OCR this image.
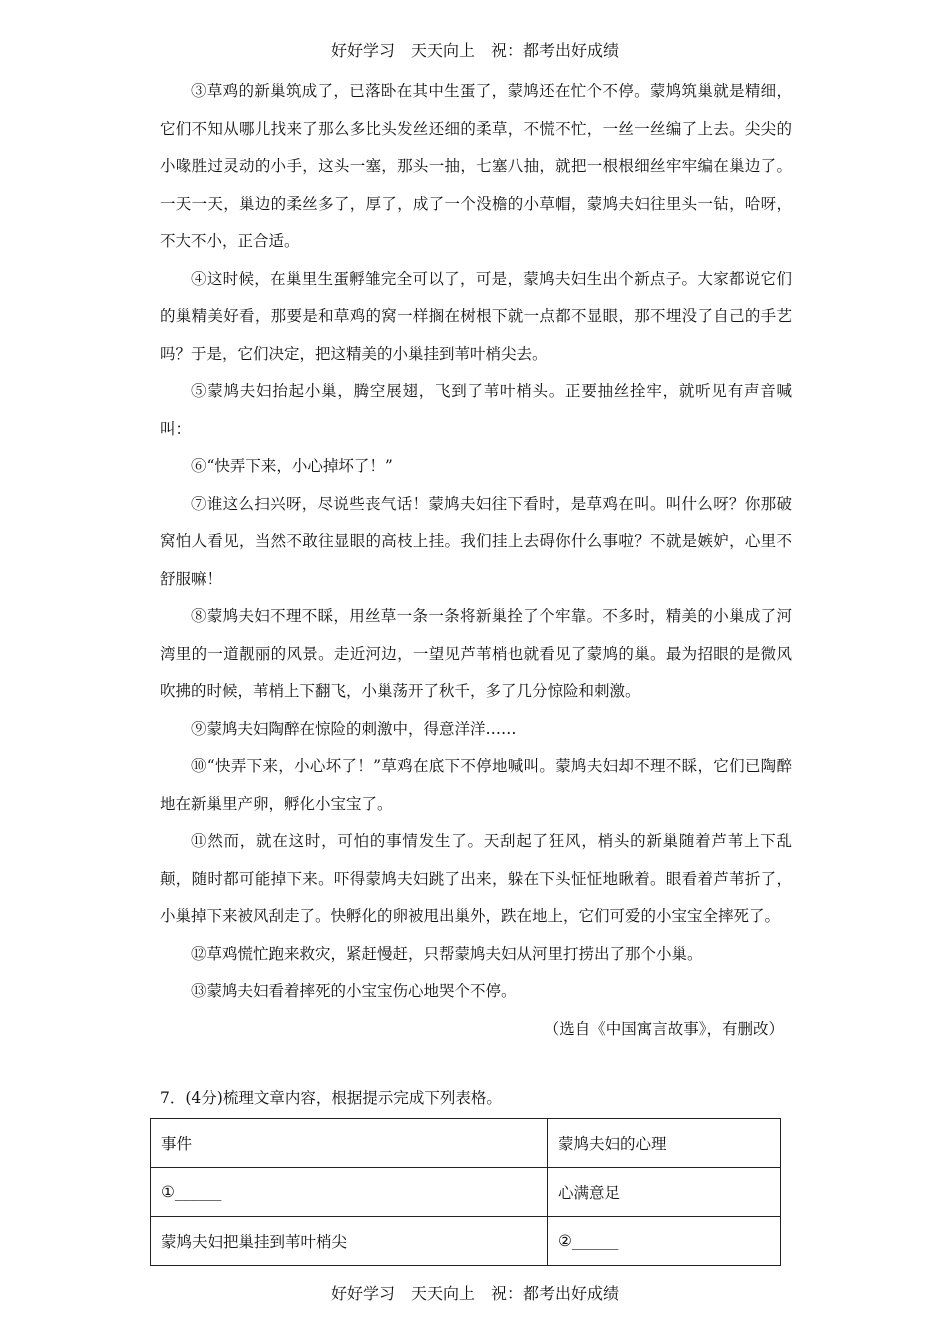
好好学习　天天向上　祝：都考出好成绩

③草鸡的新巢筑成了，已落卧在其中生蛋了，蒙鸠还在忙个不停。蒙鸠筑巢就是精细，它们不知从哪儿找来了那么多比头发丝还细的柔草，不慌不忙，一丝一丝编了上去。尖尖的小喙胜过灵动的小手，这头一塞，那头一抽，七塞八抽，就把一根根细丝牢牢编在巢边了。一天一天，巢边的柔丝多了，厚了，成了一个没檐的小草帽，蒙鸠夫妇往里头一钻，哈呀，不大不小，正合适。

④这时候，在巢里生蛋孵雏完全可以了，可是，蒙鸠夫妇生出个新点子。大家都说它们的巢精美好看，那要是和草鸡的窝一样搁在树根下就一点都不显眼，那不埋没了自己的手艺吗？于是，它们决定，把这精美的小巢挂到苇叶梢尖去。

⑤蒙鸠夫妇抬起小巢，腾空展翅，飞到了苇叶梢头。正要抽丝拴牢，就听见有声音喊叫：

⑥“快弄下来，小心掉坏了！”

⑦谁这么扫兴呀，尽说些丧气话！蒙鸠夫妇往下看时，是草鸡在叫。叫什么呀？你那破窝怕人看见，当然不敢往显眼的高枝上挂。我们挂上去碍你什么事啦？不就是嫉妒，心里不舒服嘛！

⑧蒙鸠夫妇不理不睬，用丝草一条一条将新巢拴了个牢靠。不多时，精美的小巢成了河湾里的一道靓丽的风景。走近河边，一望见芦苇梢也就看见了蒙鸠的巢。最为招眼的是微风吹拂的时候，苇梢上下翻飞，小巢荡开了秋千，多了几分惊险和刺激。

⑨蒙鸠夫妇陶醉在惊险的刺激中，得意洋洋……

⑩“快弄下来，小心坏了！”草鸡在底下不停地喊叫。蒙鸠夫妇却不理不睬，它们已陶醉地在新巢里产卵，孵化小宝宝了。

⑪然而，就在这时，可怕的事情发生了。天刮起了狂风，梢头的新巢随着芦苇上下乱颠，随时都可能掉下来。吓得蒙鸠夫妇跳了出来，躲在下头怔怔地瞅着。眼看着芦苇折了，小巢掉下来被风刮走了。快孵化的卵被甩出巢外，跌在地上，它们可爱的小宝宝全摔死了。

⑫草鸡慌忙跑来救灾，紧赶慢赶，只帮蒙鸠夫妇从河里打捞出了那个小巢。

⑬蒙鸠夫妇看着摔死的小宝宝伤心地哭个不停。

（选自《中国寓言故事》，有删改）

7．(4分)梳理文章内容，根据提示完成下列表格。
事件	蒙鸠夫妇的心理
①______	心满意足
蒙鸠夫妇把巢挂到苇叶梢尖	②______
好好学习　天天向上　祝：都考出好成绩
